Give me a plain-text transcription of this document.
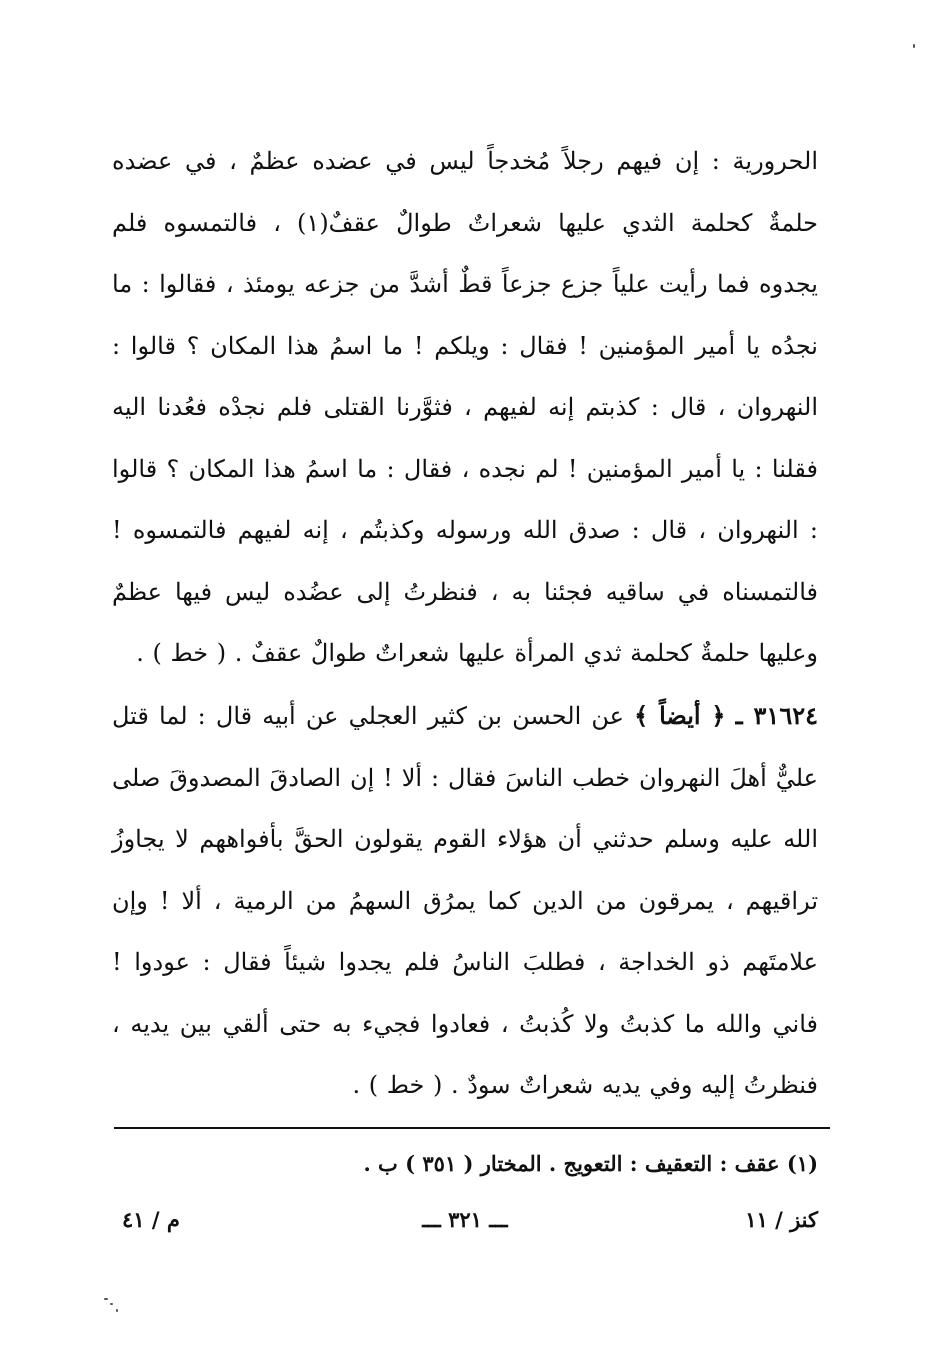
الحرورية : إن فيهم رجلاً مُخدجاً ليس في عضده عظمٌ ، في عضده حلمةٌ كحلمة الثدي عليها شعراتٌ طوالٌ عقفٌ(١) ، فالتمسوه فلم يجدوه فما رأيت علياً جزع جزعاً قطٌ أشدَّ من جزعه يومئذ ، فقالوا : ما نجدُه يا أمير المؤمنين ! فقال : ويلكم ! ما اسمُ هذا المكان ؟ قالوا : النهروان ، قال : كذبتم إنه لفيهم ، فثوَّرنا القتلى فلم نجدْه فعُدنا اليه فقلنا : يا أمير المؤمنين ! لم نجده ، فقال : ما اسمُ هذا المكان ؟ قالوا : النهروان ، قال : صدق الله ورسوله وكذبتُم ، إنه لفيهم فالتمسوه ! فالتمسناه في ساقيه فجئنا به ، فنظرتُ إلى عضُده ليس فيها عظمٌ وعليها حلمةٌ كحلمة ثدي المرأة عليها شعراتٌ طوالٌ عقفٌ . ( خط ) .
٣١٦٢٤ ـ ﴿ أيضاً ﴾ عن الحسن بن كثير العجلي عن أبيه قال : لما قتل عليٌّ أهلَ النهروان خطب الناسَ فقال : ألا ! إن الصادقَ المصدوقَ صلى الله عليه وسلم حدثني أن هؤلاء القوم يقولون الحقَّ بأفواههم لا يجاوزُ تراقيهم ، يمرقون من الدين كما يمرُق السهمُ من الرمية ، ألا ! وإن علامتَهم ذو الخداجة ، فطلبَ الناسُ فلم يجدوا شيئاً فقال : عودوا ! فاني والله ما كذبتُ ولا كُذبتُ ، فعادوا فجيء به حتى ألقي بين يديه ، فنظرتُ إليه وفي يديه شعراتٌ سودٌ . ( خط ) .
(١) عقف : التعقيف : التعويج . المختار ( ٣٥١ ) ب .
كنز / ١١
ـــ ٣٢١ ـــ
م / ٤١
